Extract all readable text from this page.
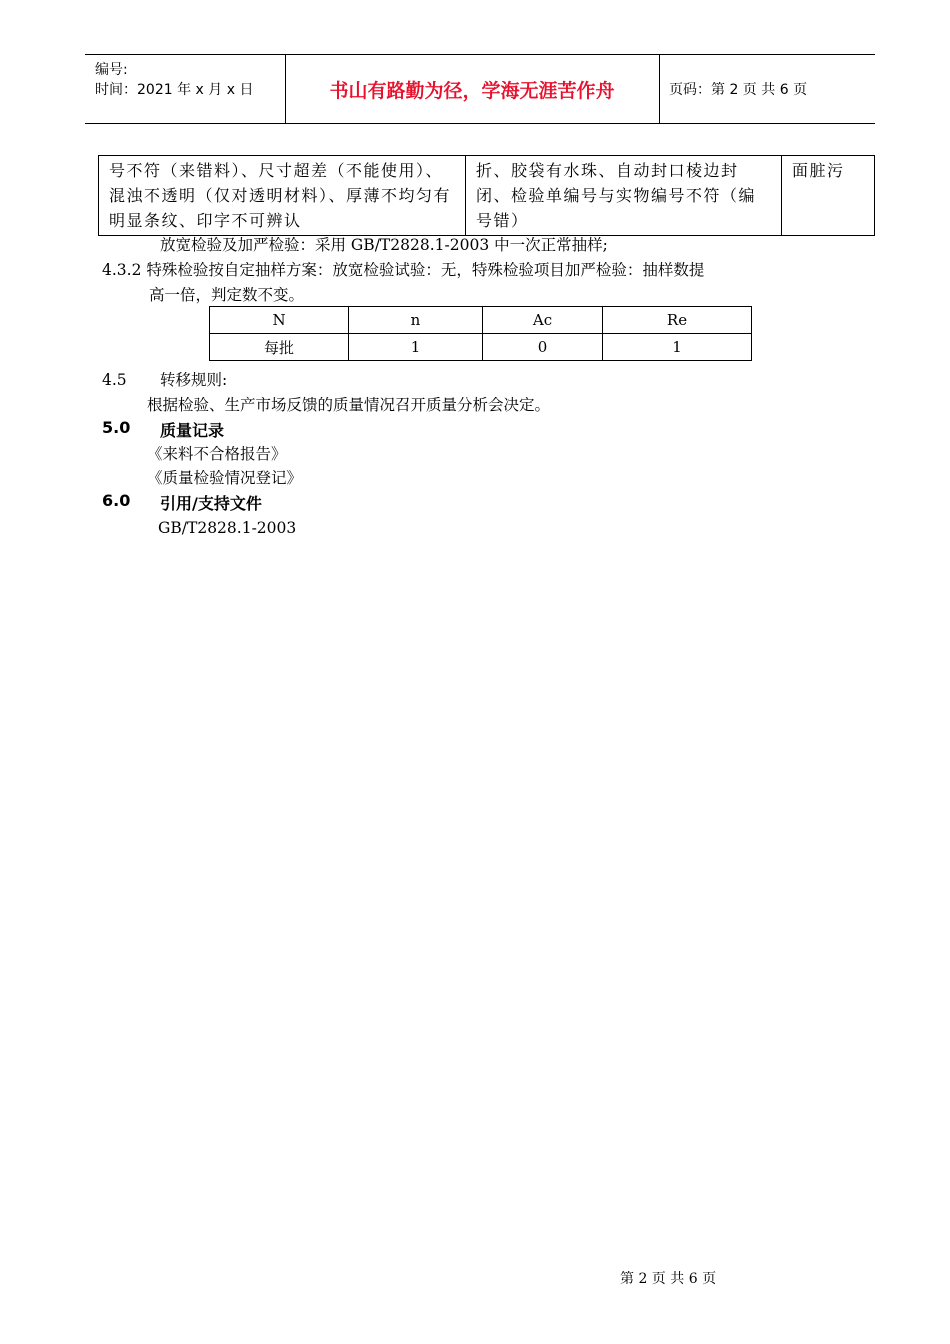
编号:
时间：2021 年 x 月 x 日	书山有路勤为径，学海无涯苦作舟	页码：第 2 页 共 6 页
号不符（来错料）、尺寸超差（不能使用）、混浊不透明（仅对透明材料）、厚薄不均匀有明显条纹、印字不可辨认	折、胶袋有水珠、自动封口棱边封闭、检验单编号与实物编号不符（编号错）	面脏污
放宽检验及加严检验：采用 GB/T2828.1-2003 中一次正常抽样;
4.3.2 特殊检验按自定抽样方案：放宽检验试验：无，特殊检验项目加严检验：抽样数提
高一倍，判定数不变。
N	n	Ac	Re
每批	1	0	1
4.5 转移规则:
根据检验、生产市场反馈的质量情况召开质量分析会决定。
5.0 质量记录
《来料不合格报告》
《质量检验情况登记》
6.0 引用/支持文件
GB/T2828.1-2003
第 2 页 共 6 页
